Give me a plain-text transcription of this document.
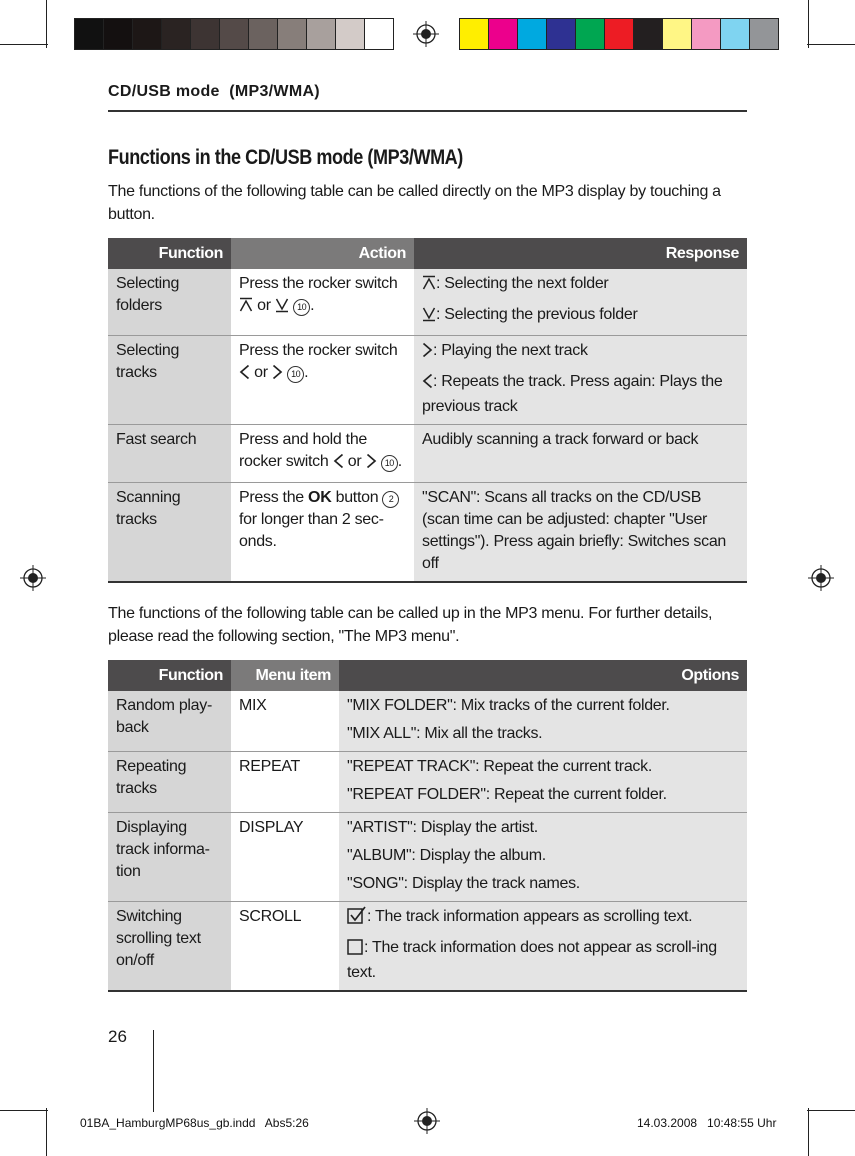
CD/USB mode  (MP3/WMA)
Functions in the CD/USB mode (MP3/WMA)
The functions of the following table can be called directly on the MP3 display by touching a button.
Function	Action	Response
Selecting folders	Press the rocker switch  or 10 .	: Selecting the next folder
: Selecting the previous folder

Selecting tracks	Press the rocker switch  or 10 .	: Playing the next track
: Repeats the track. Press again: Plays the previous track

Fast search	Press and hold the rocker switch or 10 .	Audibly scanning a track forward or back

Scanning tracks	Press the OK button 2 for longer than 2 sec-onds.	"SCAN": Scans all tracks on the CD/USB (scan time can be adjusted: chapter "User settings"). Press again briefly: Switches scan off
The functions of the following table can be called up in the MP3 menu. For further details, please read the following section, "The MP3 menu".
Function	Menu item	Options
Random play-back	MIX	"MIX FOLDER": Mix tracks of the current folder.
"MIX ALL": Mix all the tracks.

Repeating tracks	REPEAT	"REPEAT TRACK": Repeat the current track.
"REPEAT FOLDER": Repeat the current folder.

Displaying track informa-tion	DISPLAY	"ARTIST": Display the artist.
"ALBUM": Display the album.
"SONG": Display the track names.

Switching scrolling text on/off	SCROLL	: The track information appears as scrolling text.
: The track information does not appear as scroll-ing text.
26
01BA_HamburgMP68us_gb.indd   Abs5:26	14.03.2008   10:48:55 Uhr
